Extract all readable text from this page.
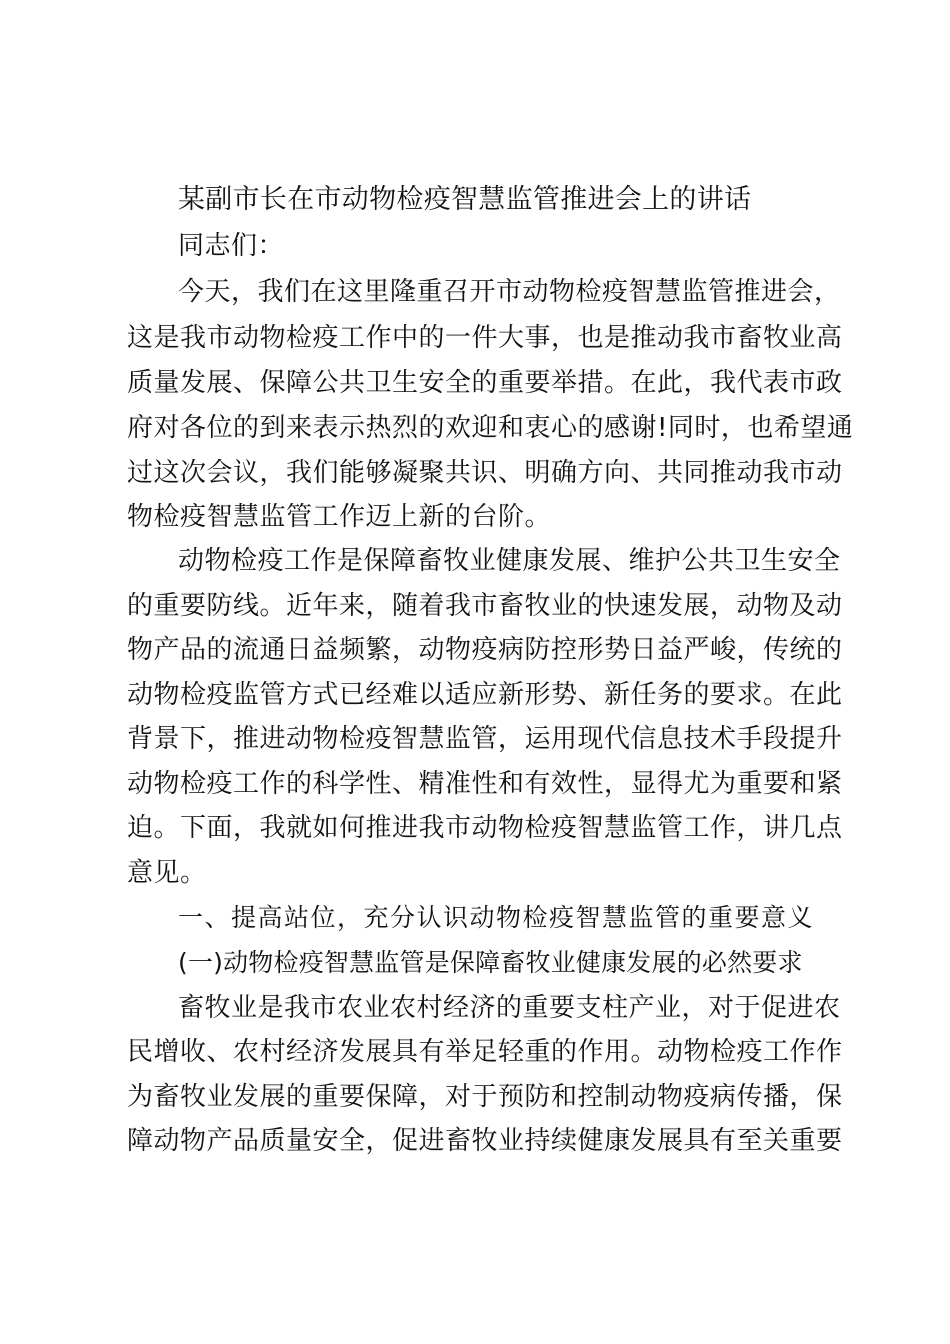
某副市长在市动物检疫智慧监管推进会上的讲话
同志们：
今天，我们在这里隆重召开市动物检疫智慧监管推进会，
这是我市动物检疫工作中的一件大事，也是推动我市畜牧业高
质量发展、保障公共卫生安全的重要举措。在此，我代表市政
府对各位的到来表示热烈的欢迎和衷心的感谢!同时，也希望通
过这次会议，我们能够凝聚共识、明确方向、共同推动我市动
物检疫智慧监管工作迈上新的台阶。
动物检疫工作是保障畜牧业健康发展、维护公共卫生安全
的重要防线。近年来，随着我市畜牧业的快速发展，动物及动
物产品的流通日益频繁，动物疫病防控形势日益严峻，传统的
动物检疫监管方式已经难以适应新形势、新任务的要求。在此
背景下，推进动物检疫智慧监管，运用现代信息技术手段提升
动物检疫工作的科学性、精准性和有效性，显得尤为重要和紧
迫。下面，我就如何推进我市动物检疫智慧监管工作，讲几点
意见。
一、提高站位，充分认识动物检疫智慧监管的重要意义
(一)动物检疫智慧监管是保障畜牧业健康发展的必然要求
畜牧业是我市农业农村经济的重要支柱产业，对于促进农
民增收、农村经济发展具有举足轻重的作用。动物检疫工作作
为畜牧业发展的重要保障，对于预防和控制动物疫病传播，保
障动物产品质量安全，促进畜牧业持续健康发展具有至关重要
